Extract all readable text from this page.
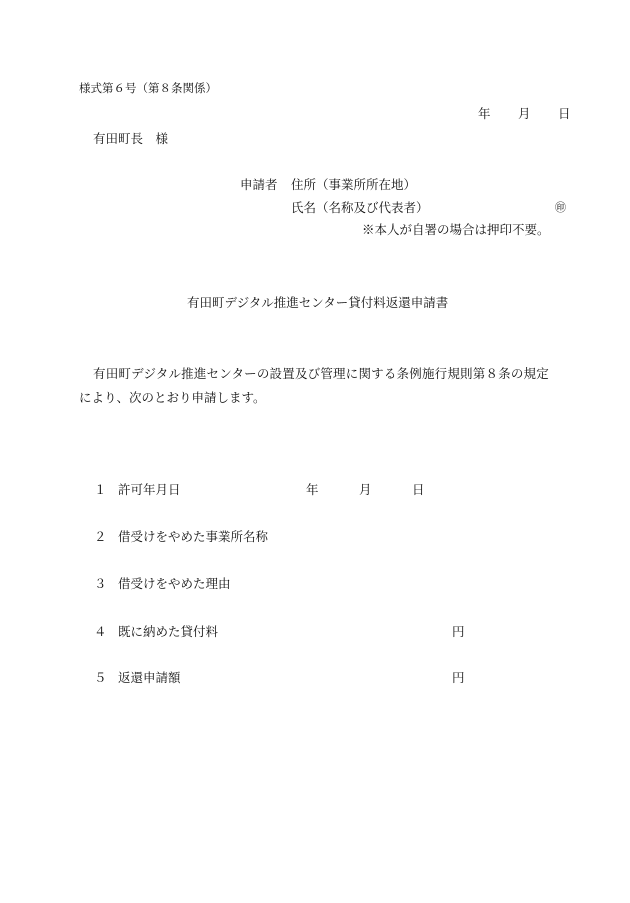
様式第６号（第８条関係）
年 月 日
有田町長　様
申請者 住所（事業所所在地）
氏名（名称及び代表者）	㊞
※本人が自署の場合は押印不要。
有田町デジタル推進センター貸付料返還申請書

有田町デジタル推進センターの設置及び管理に関する条例施行規則第８条の規定

により、次のとおり申請します。

１ 許可年月日	年	月	日
２ 借受けをやめた事業所名称
３ 借受けをやめた理由
４ 既に納めた貸付料	円
５ 返還申請額	円
